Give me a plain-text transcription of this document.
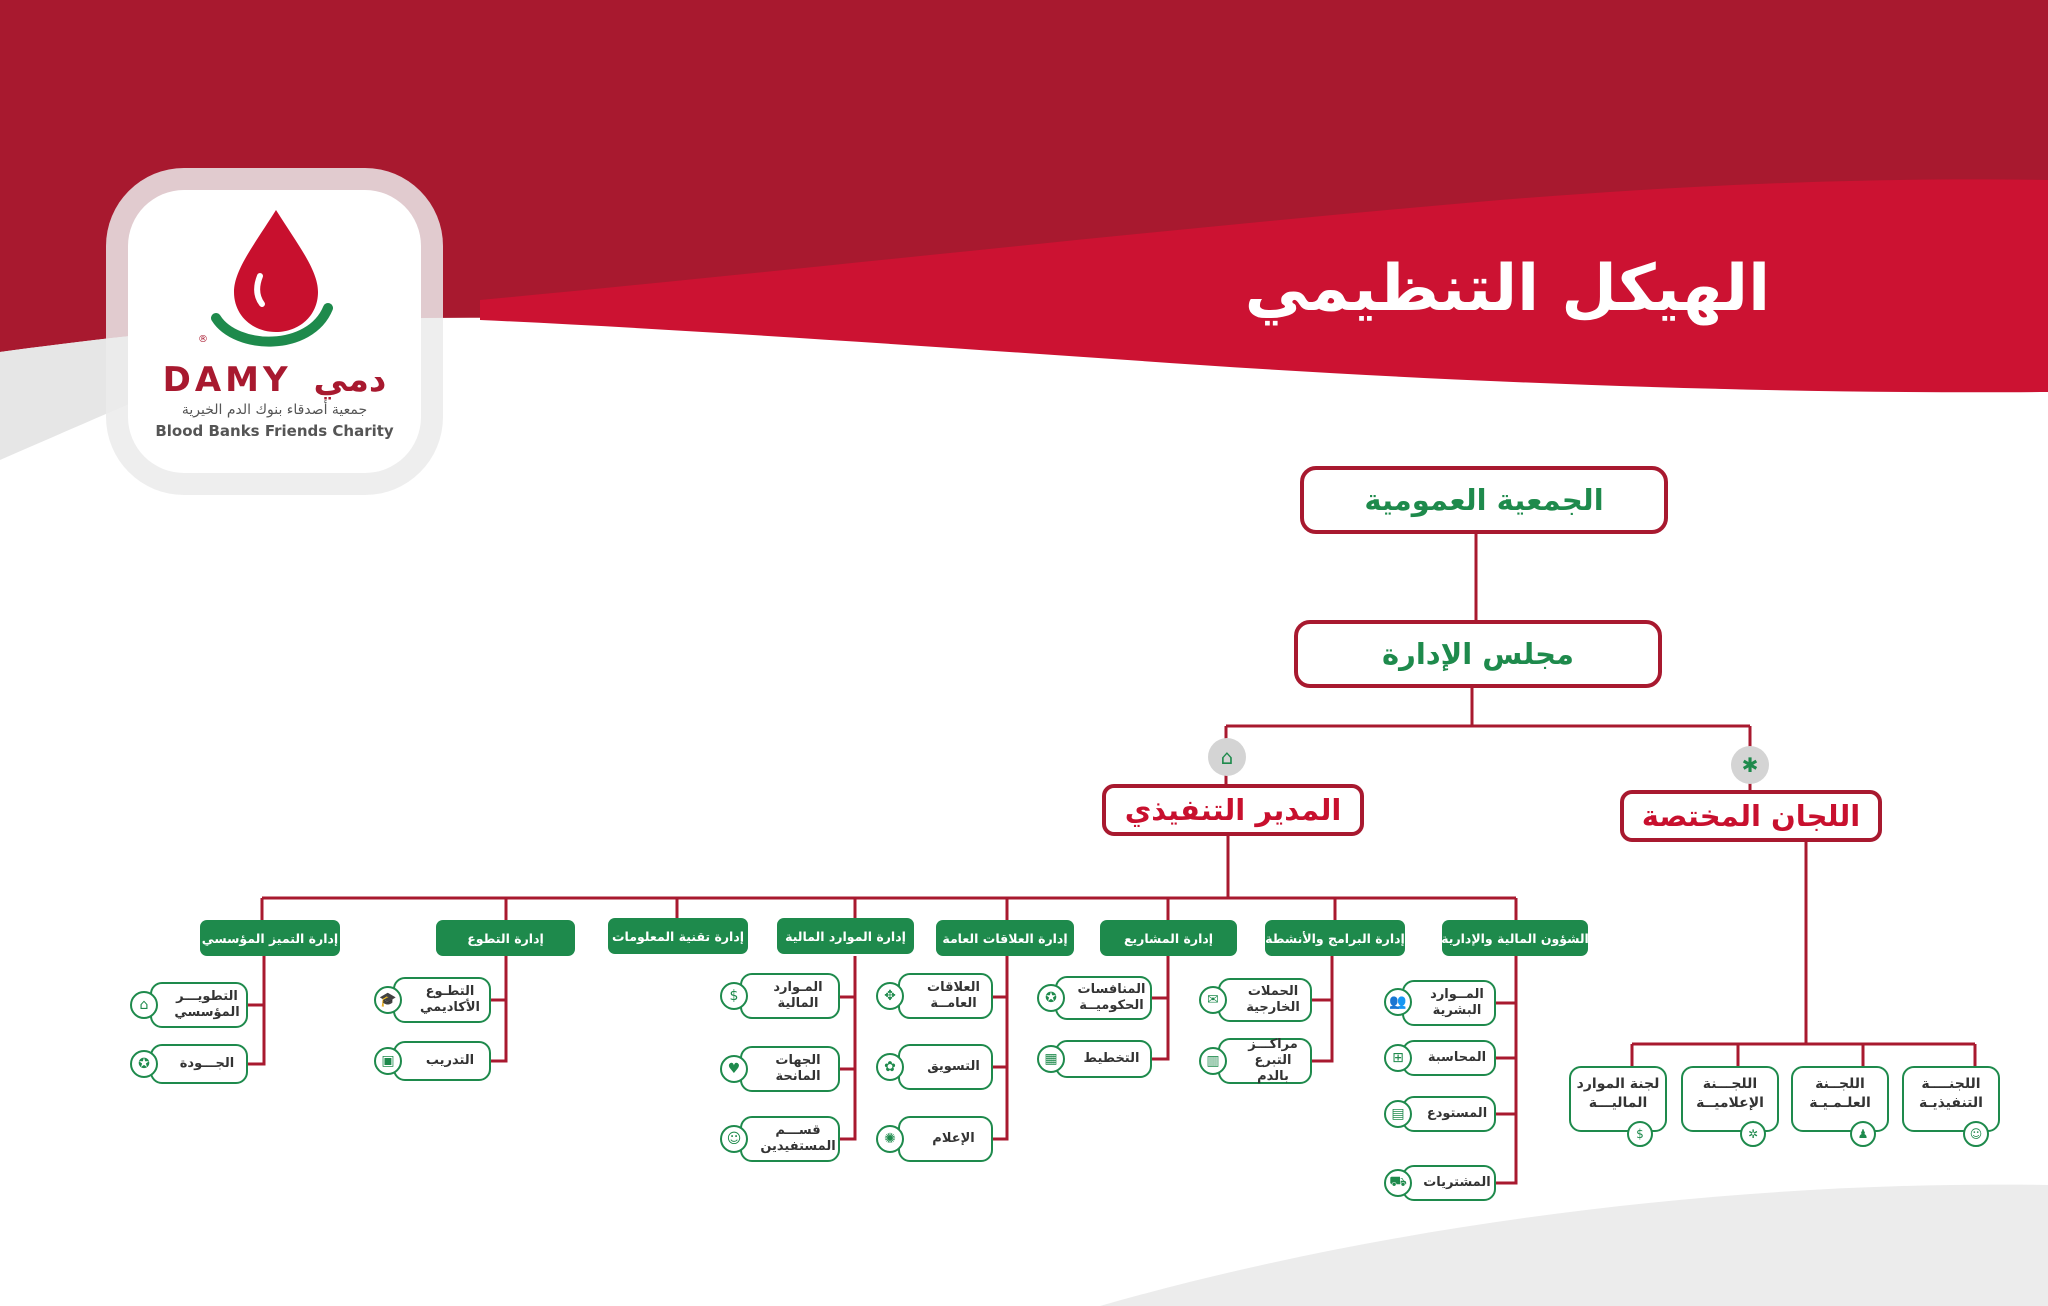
الهيكل التنظيمي
®
DAMY دمي
جمعية أصدقاء بنوك الدم الخيرية
Blood Banks Friends Charity
الجمعية العمومية
مجلس الإدارة
⌂
المدير التنفيذي
✱
اللجان المختصة
الشؤون المالية والإدارية
إدارة البرامج والأنشطة
إدارة المشاريع
إدارة العلاقات العامة
إدارة الموارد المالية
إدارة تقنية المعلومات
إدارة التطوع
إدارة التميز المؤسسي
المــوارد
البشرية
👥
المحاسبة
⊞
المستودع
▤
المشتريات
⛟
الحملات
الخارجية
✉
مراكـــز
التبرع بالدم
▥
المنافسات
الحكوميــة
✪
التخطيط
▦
العلاقات
العامــة
✥
التسويق
✿
الإعلام
✺
المـوارد
المالية
$
الجهات
المانحة
♥
قســـم
المستفيدين
☺
التطـوع
الأكاديمي
🎓
التدريب
▣
التطويـــر
المؤسسي
⌂
الجـــودة
✪
اللجنــــة
التنفيذيـة
☺
اللجــنة
العلـمـيـة
♟
اللجـــنة
الإعلاميــة
✲
لجنة الموارد
الماليـــة
$
